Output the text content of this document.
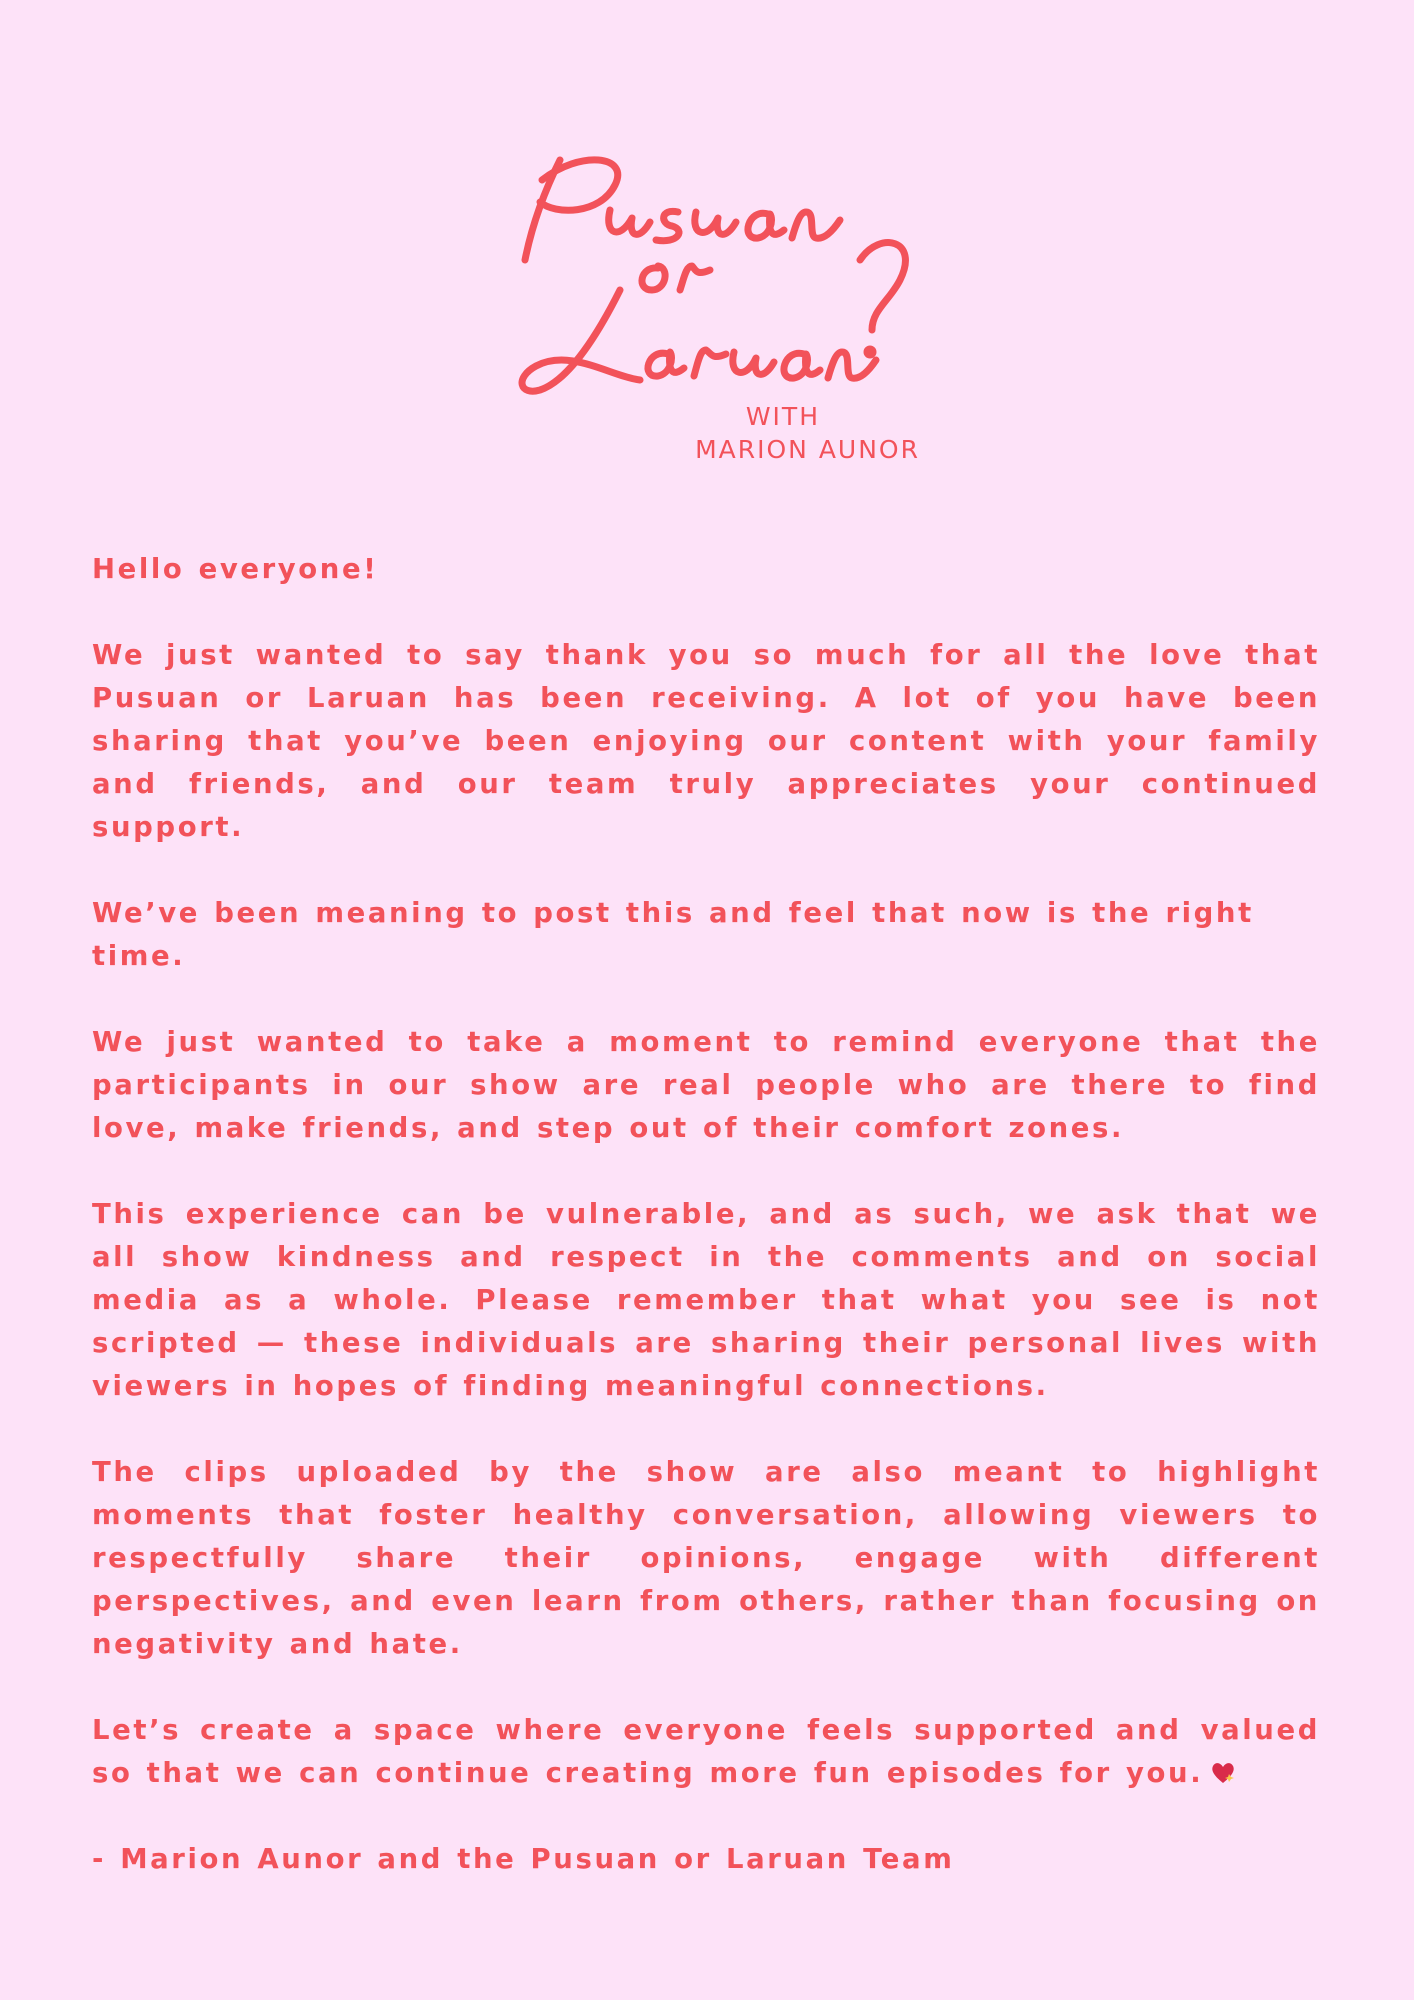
WITH
MARION AUNOR

Hello everyone!

We just wanted to say thank you so much for all the love that Pusuan or Laruan has been receiving. A lot of you have been sharing that you’ve been enjoying our content with your family and friends, and our team truly appreciates your continued support.

We’ve been meaning to post this and feel that now is the right time.

We just wanted to take a moment to remind everyone that the participants in our show are real people who are there to find love, make friends, and step out of their comfort zones.

This experience can be vulnerable, and as such, we ask that we all show kindness and respect in the comments and on social media as a whole. Please remember that what you see is not scripted — these individuals are sharing their personal lives with viewers in hopes of finding meaningful connections.

The clips uploaded by the show are also meant to highlight moments that foster healthy conversation, allowing viewers to respectfully share their opinions, engage with different perspectives, and even learn from others, rather than focusing on negativity and hate.

Let’s create a space where everyone feels supported and valued so that we can continue creating more fun episodes for you.

- Marion Aunor and the Pusuan or Laruan Team
